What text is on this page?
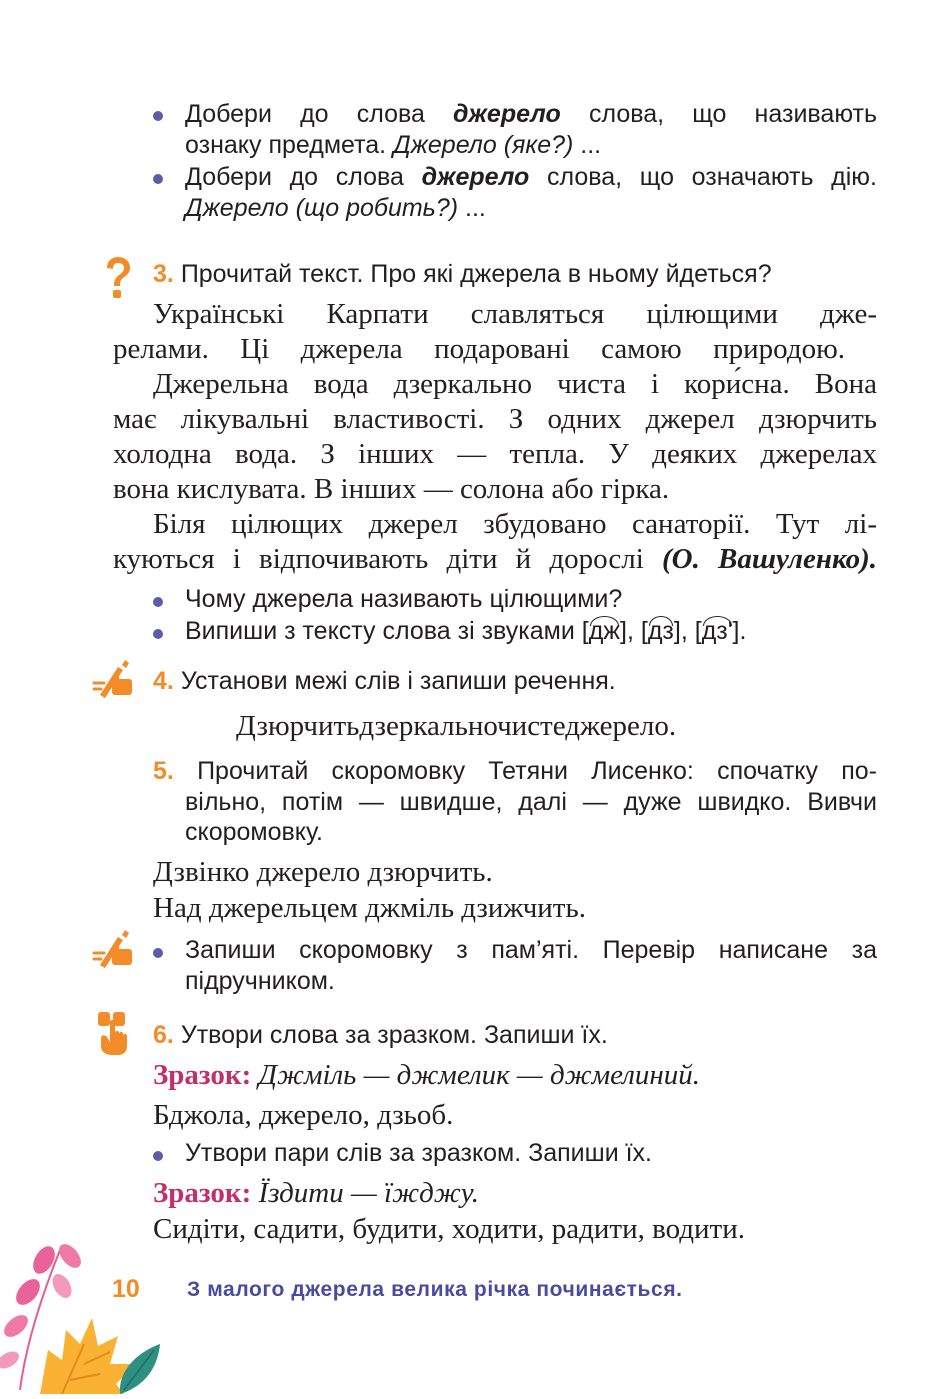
Добери до слова джерело слова, що називають
ознаку предмета. Джерело (яке?) ...
Добери до слова джерело слова, що означають дію.
Джерело (що робить?) ...
3. Прочитай текст. Про які джерела в ньому йдеться?
Українські Карпати славляться цілющими дже-
релами. Ці джерела подаровані самою природою.
Джерельна вода дзеркально чиста і кори́сна. Вона
має лікувальні властивості. З одних джерел дзюрчить
холодна вода. З інших — тепла. У деяких джерелах
вона кислувата. В інших — солона або гірка.
Біля цілющих джерел збудовано санаторії. Тут лі-
куються і відпочивають діти й дорослі (О. Вашуленко).
Чому джерела називають цілющими?
Випиши з тексту слова зі звуками [дж], [дз], [дз'].
4. Установи межі слів і запиши речення.
Дзюрчитьдзеркальночистеджерело.
5. Прочитай скоромовку Тетяни Лисенко: спочатку по-
вільно, потім — швидше, далі — дуже швидко. Вивчи
скоромовку.
Дзвінко джерело дзюрчить.
Над джерельцем джміль дзижчить.
Запиши скоромовку з пам’яті. Перевір написане за
підручником.
6. Утвори слова за зразком. Запиши їх.
Зразок: Джміль — джмелик — джмелиний.
Бджола, джерело, дзьоб.
Утвори пари слів за зразком. Запиши їх.
Зразок: Їздити — їжджу.
Сидіти, садити, будити, ходити, радити, водити.
10 З малого джерела велика річка починається.
